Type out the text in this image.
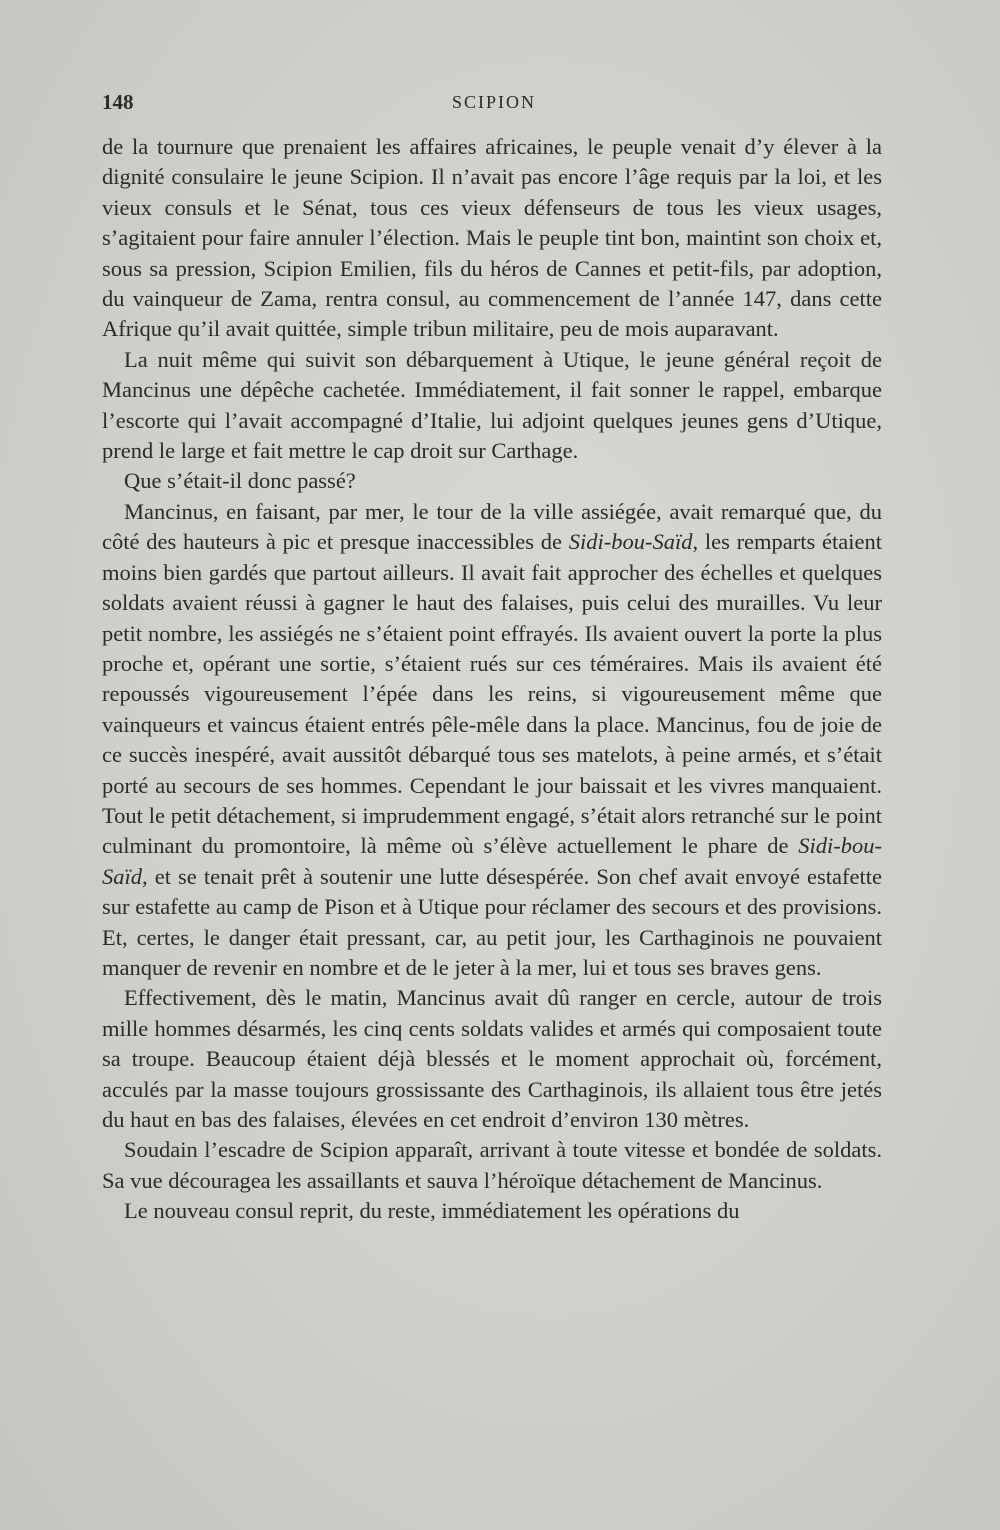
148	SCIPION

de la tournure que prenaient les affaires africaines, le peuple venait d’y élever à la dignité consulaire le jeune Scipion. Il n’avait pas encore l’âge requis par la loi, et les vieux consuls et le Sénat, tous ces vieux défenseurs de tous les vieux usages, s’agitaient pour faire annuler l’élection. Mais le peuple tint bon, maintint son choix et, sous sa pression, Scipion Emilien, fils du héros de Cannes et petit-fils, par adoption, du vainqueur de Zama, rentra consul, au commencement de l’année 147, dans cette Afrique qu’il avait quittée, simple tribun militaire, peu de mois auparavant.

La nuit même qui suivit son débarquement à Utique, le jeune général reçoit de Mancinus une dépêche cachetée. Immédiatement, il fait sonner le rappel, embarque l’escorte qui l’avait accompagné d’Italie, lui adjoint quelques jeunes gens d’Utique, prend le large et fait mettre le cap droit sur Carthage.

Que s’était-il donc passé?

Mancinus, en faisant, par mer, le tour de la ville assiégée, avait remarqué que, du côté des hauteurs à pic et presque inaccessibles de Sidi-bou-Saïd, les remparts étaient moins bien gardés que partout ailleurs. Il avait fait approcher des échelles et quelques soldats avaient réussi à gagner le haut des falaises, puis celui des murailles. Vu leur petit nombre, les assiégés ne s’étaient point effrayés. Ils avaient ouvert la porte la plus proche et, opérant une sortie, s’étaient rués sur ces téméraires. Mais ils avaient été repoussés vigoureusement l’épée dans les reins, si vigoureusement même que vainqueurs et vaincus étaient entrés pêle-mêle dans la place. Mancinus, fou de joie de ce succès inespéré, avait aussitôt débarqué tous ses matelots, à peine armés, et s’était porté au secours de ses hommes. Cependant le jour baissait et les vivres manquaient. Tout le petit détachement, si imprudemment engagé, s’était alors retranché sur le point culminant du promontoire, là même où s’élève actuellement le phare de Sidi-bou-Saïd, et se tenait prêt à soutenir une lutte désespérée. Son chef avait envoyé estafette sur estafette au camp de Pison et à Utique pour réclamer des secours et des provisions. Et, certes, le danger était pressant, car, au petit jour, les Carthaginois ne pouvaient manquer de revenir en nombre et de le jeter à la mer, lui et tous ses braves gens.

Effectivement, dès le matin, Mancinus avait dû ranger en cercle, autour de trois mille hommes désarmés, les cinq cents soldats valides et armés qui composaient toute sa troupe. Beaucoup étaient déjà blessés et le moment approchait où, forcément, acculés par la masse toujours grossissante des Carthaginois, ils allaient tous être jetés du haut en bas des falaises, élevées en cet endroit d’environ 130 mètres.

Soudain l’escadre de Scipion apparaît, arrivant à toute vitesse et bondée de soldats. Sa vue découragea les assaillants et sauva l’héroïque détachement de Mancinus.

Le nouveau consul reprit, du reste, immédiatement les opérations du
